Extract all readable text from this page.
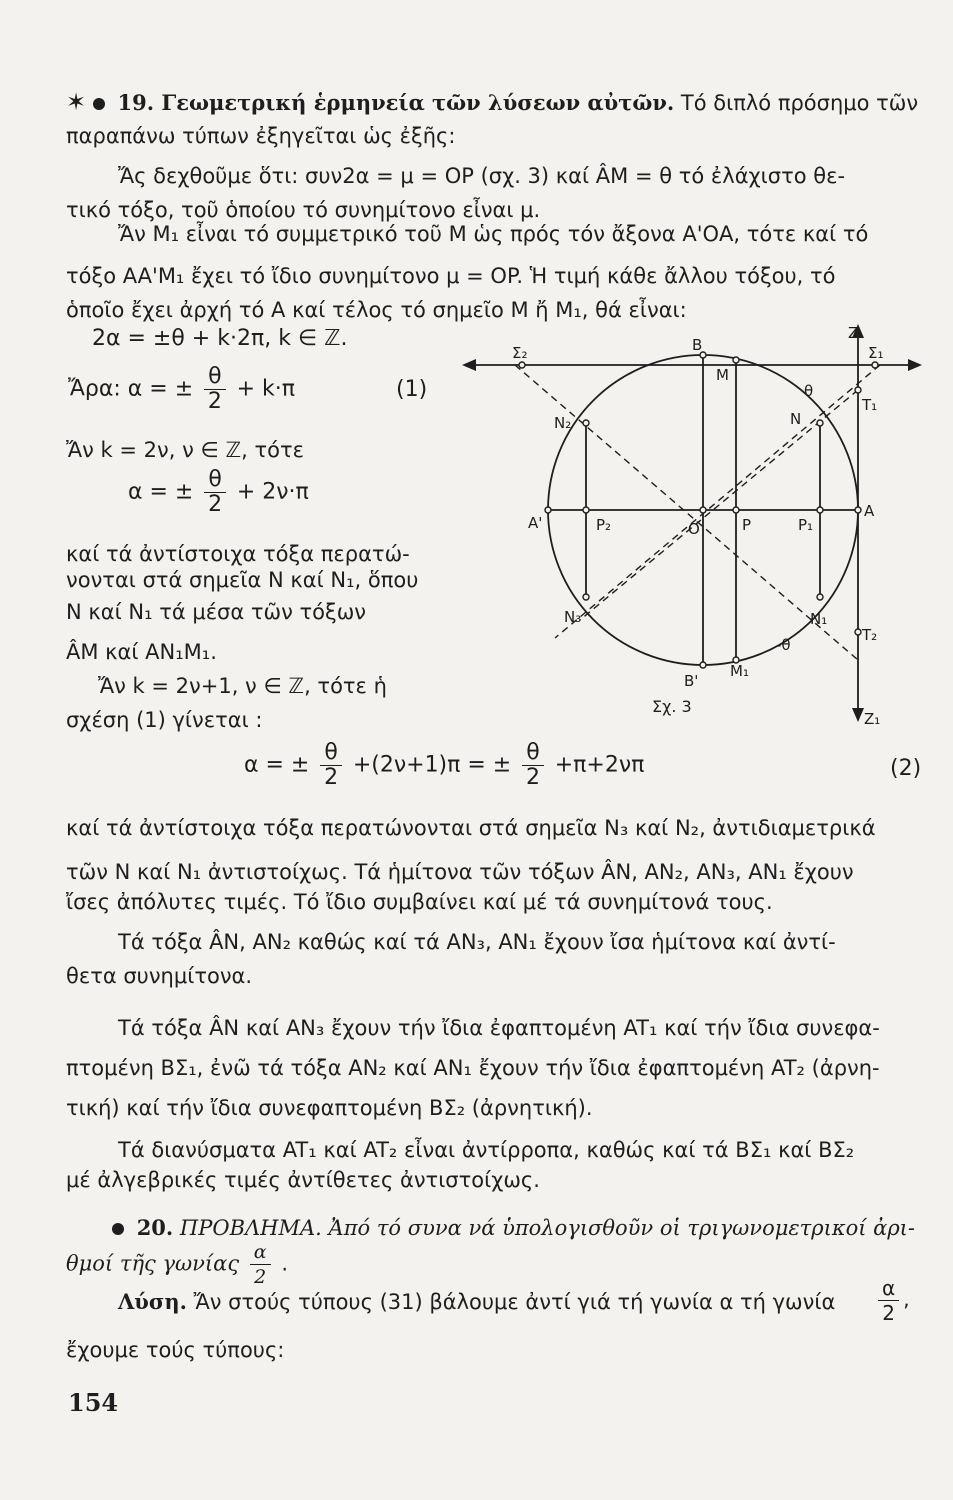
✶ 19. Γεωμετρική ἑρμηνεία τῶν λύσεων αὐτῶν. Τό διπλό πρόσημο τῶν
παραπάνω τύπων ἐξηγεῖται ὡς ἐξῆς:
Ἄς δεχθοῦμε ὅτι: συν2α = μ = OP (σχ. 3) καί ÂM = θ τό ἐλάχιστο θε-
τικό τόξο, τοῦ ὁποίου τό συνημίτονο εἶναι μ.
Ἄν M₁ εἶναι τό συμμετρικό τοῦ M ὡς πρός τόν ἄξονα Α'ΟΑ, τότε καί τό
τόξο AA'M₁ ἔχει τό ἴδιο συνημίτονο μ = OP. Ἡ τιμή κάθε ἄλλου τόξου, τό
ὁποῖο ἔχει ἀρχή τό Α καί τέλος τό σημεῖο M ἤ M₁, θά εἶναι:
2α = ±θ + k·2π, k ∈ ℤ.
Ἄρα: α = ± $\frac{\theta}{2} + k\cdot\pi$	(1)
Ἄν k = 2ν, ν ∈ ℤ, τότε
α = ± $\frac{\theta}{2} + 2\nu\cdot\pi$
καί τά ἀντίστοιχα τόξα περατώ-
νονται στά σημεῖα N καί N₁, ὅπου
N καί N₁ τά μέσα τῶν τόξων
ÂM καί AN₁M₁.
Ἄν k = 2ν+1, ν ∈ ℤ, τότε ἡ
σχέση (1) γίνεται :
α = ± $\frac{\theta}{2} +(2\nu+1)\pi$ = ± $\frac{\theta}{2} +\pi+2\nu\pi$	(2)
καί τά ἀντίστοιχα τόξα περατώνονται στά σημεῖα N₃ καί N₂, ἀντιδιαμετρικά
τῶν N καί N₁ ἀντιστοίχως. Τά ἡμίτονα τῶν τόξων ÂN, AN₂, AN₃, AN₁ ἔχουν
ἴσες ἀπόλυτες τιμές. Τό ἴδιο συμβαίνει καί μέ τά συνημίτονά τους.
Τά τόξα ÂN, AN₂ καθώς καί τά AN₃, AN₁ ἔχουν ἴσα ἡμίτονα καί ἀντί-
θετα συνημίτονα.
Τά τόξα ÂN καί AN₃ ἔχουν τήν ἴδια ἐφαπτομένη AT₁ καί τήν ἴδια συνεφα-
πτομένη BΣ₁, ἐνῶ τά τόξα AN₂ καί AN₁ ἔχουν τήν ἴδια ἐφαπτομένη AT₂ (ἀρνη-
τική) καί τήν ἴδια συνεφαπτομένη BΣ₂ (ἀρνητική).
Τά διανύσματα AT₁ καί AT₂ εἶναι ἀντίρροπα, καθώς καί τά BΣ₁ καί BΣ₂
μέ ἀλγεβρικές τιμές ἀντίθετες ἀντιστοίχως.
20. ΠΡΟΒΛΗΜΑ. Ἀπό τό συνα νά ὑπολογισθοῦν οἱ τριγωνομετρικοί ἀρι-
θμοί τῆς γωνίας $\frac{\alpha}{2}$ .
Λύση. Ἄν στούς τύπους (31) βάλουμε ἀντί γιά τή γωνία α τή γωνία	$\frac{\alpha}{2}$ ,
ἔχουμε τούς τύπους:
154
Z
Z₁
Σ₁
Σ₂	B
B'
M
M₁
N
N₁
N₂
N₃
T₁
T₂
A
A'	O	P	P₁
P₂
θ
-θ
Σχ. 3
